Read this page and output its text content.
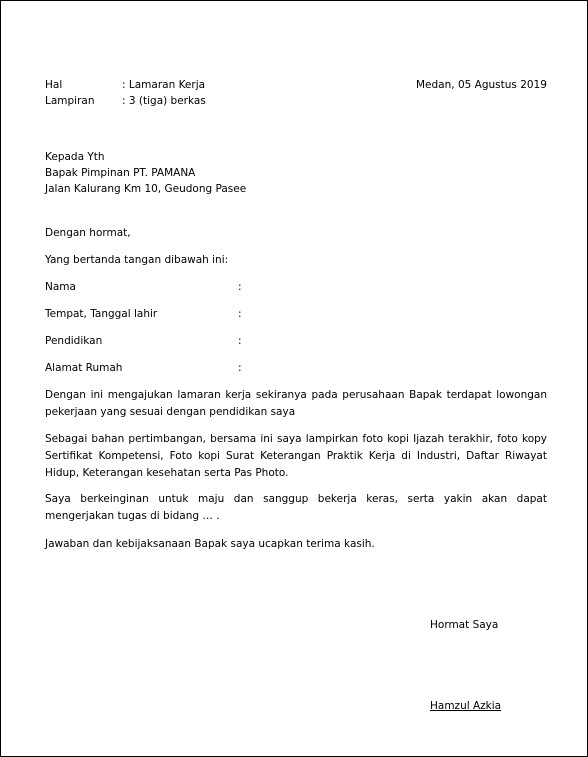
Hal	: Lamaran Kerja	Medan, 05 Agustus 2019
Lampiran	: 3 (tiga) berkas
Kepada Yth
Bapak Pimpinan PT. PAMANA
Jalan Kalurang Km 10, Geudong Pasee
Dengan hormat,
Yang bertanda tangan dibawah ini:
Nama	:
Tempat, Tanggal lahir	:
Pendidikan	:
Alamat Rumah	:
Dengan ini mengajukan lamaran kerja sekiranya pada perusahaan Bapak terdapat lowongan pekerjaan yang sesuai dengan pendidikan saya
Sebagai bahan pertimbangan, bersama ini saya lampirkan foto kopi Ijazah terakhir, foto kopy Sertifikat Kompetensi, Foto kopi Surat Keterangan Praktik Kerja di Industri, Daftar Riwayat Hidup, Keterangan kesehatan serta Pas Photo.
Saya berkeinginan untuk maju dan sanggup bekerja keras, serta yakin akan dapat mengerjakan tugas di bidang … .
Jawaban dan kebijaksanaan Bapak saya ucapkan terima kasih.
Hormat Saya
Hamzul Azkia
